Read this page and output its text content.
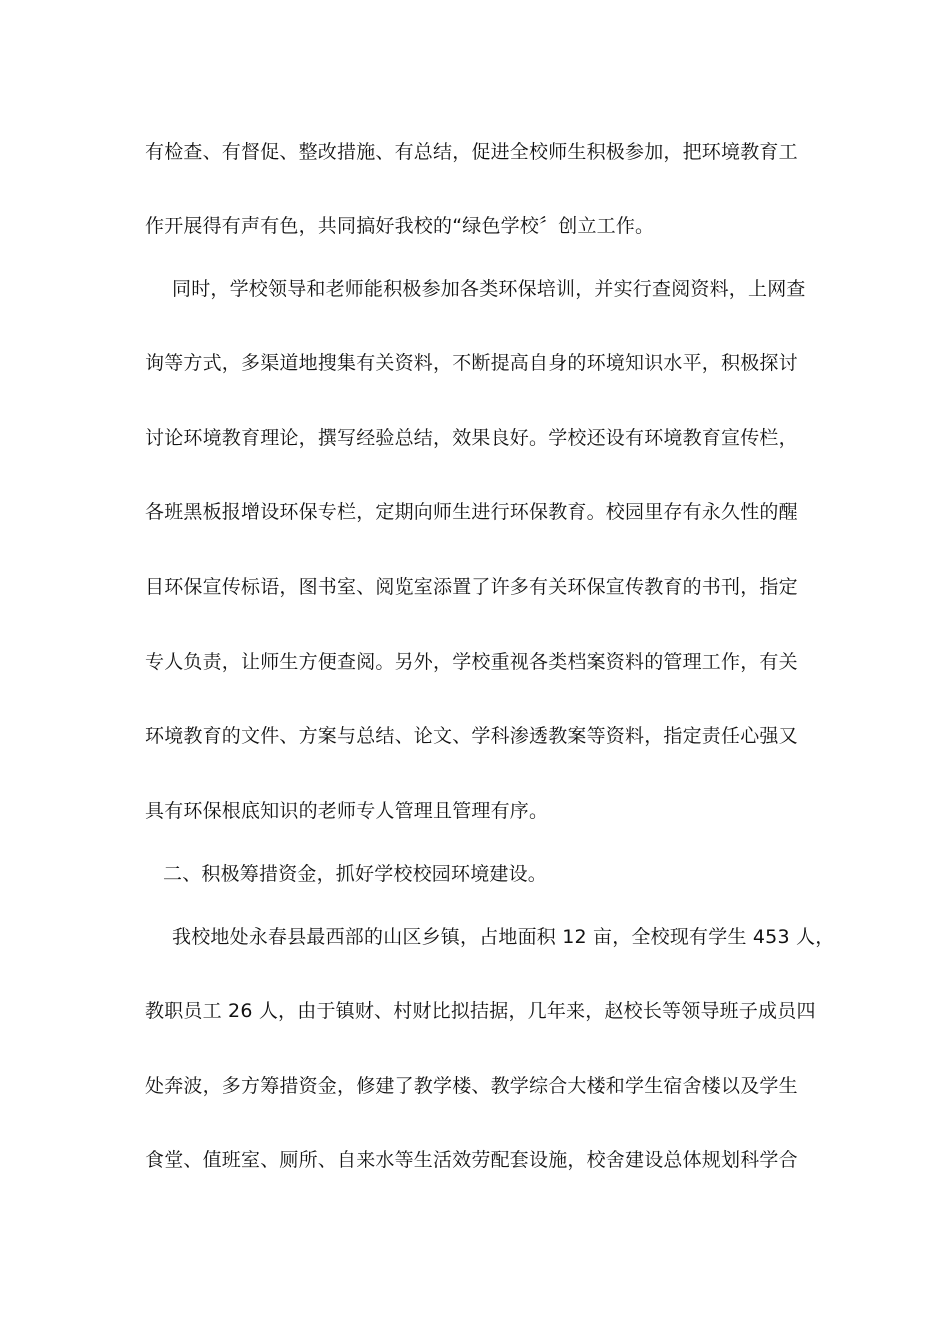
有检查、有督促、整改措施、有总结，促进全校师生积极参加，把环境教育工
作开展得有声有色，共同搞好我校的“绿色学校〞创立工作。
同时，学校领导和老师能积极参加各类环保培训，并实行查阅资料，上网查
询等方式，多渠道地搜集有关资料，不断提高自身的环境知识水平，积极探讨
讨论环境教育理论，撰写经验总结，效果良好。学校还设有环境教育宣传栏，
各班黑板报增设环保专栏，定期向师生进行环保教育。校园里存有永久性的醒
目环保宣传标语，图书室、阅览室添置了许多有关环保宣传教育的书刊，指定
专人负责，让师生方便查阅。另外，学校重视各类档案资料的管理工作，有关
环境教育的文件、方案与总结、论文、学科渗透教案等资料，指定责任心强又
具有环保根底知识的老师专人管理且管理有序。
二、积极筹措资金，抓好学校校园环境建设。
我校地处永春县最西部的山区乡镇，占地面积 12 亩，全校现有学生 453 人，
教职员工 26 人，由于镇财、村财比拟拮据，几年来，赵校长等领导班子成员四
处奔波，多方筹措资金，修建了教学楼、教学综合大楼和学生宿舍楼以及学生
食堂、值班室、厕所、自来水等生活效劳配套设施，校舍建设总体规划科学合
